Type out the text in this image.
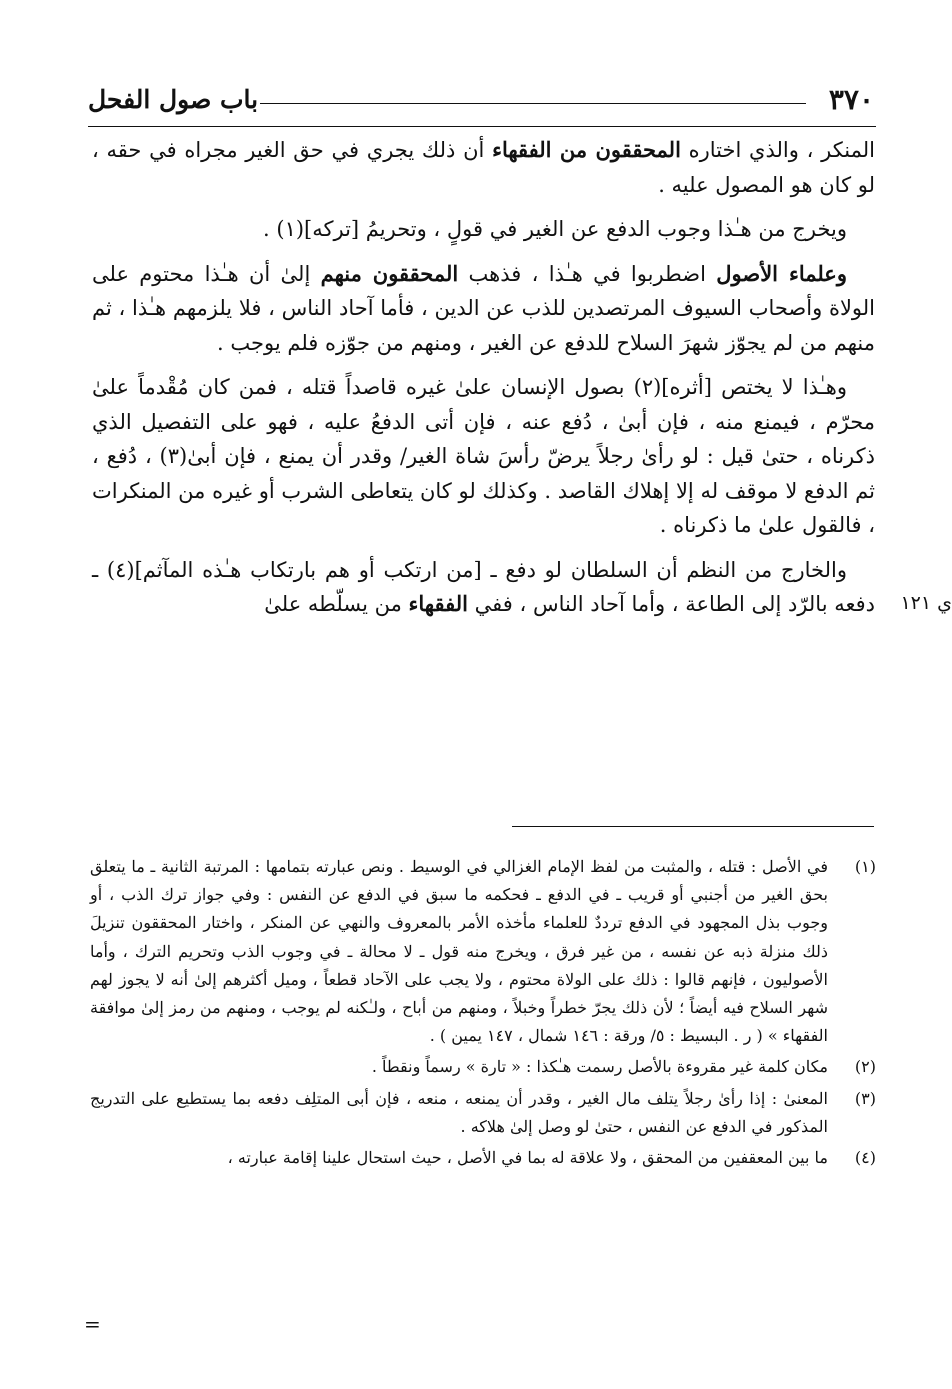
٣٧٠
باب صول الفحل

المنكر ، والذي اختاره المحققون من الفقهاء أن ذلك يجري في حق الغير مجراه في حقه ، لو كان هو المصول عليه .

ويخرج من هـٰذا وجوب الدفع عن الغير في قولٍ ، وتحريمُ [تركه](١) .

وعلماء الأصول اضطربوا في هـٰذا ، فذهب المحققون منهم إلىٰ أن هـٰذا محتوم على الولاة وأصحاب السيوف المرتصدين للذب عن الدين ، فأما آحاد الناس ، فلا يلزمهم هـٰذا ، ثم منهم من لم يجوّز شهرَ السلاح للدفع عن الغير ، ومنهم من جوّزه فلم يوجب .

وهـٰذا لا يختص [أثره](٢) بصول الإنسان علىٰ غيره قاصداً قتله ، فمن كان مُقْدماً علىٰ محرّم ، فيمنع منه ، فإن أبىٰ ، دُفع عنه ، فإن أتى الدفعُ عليه ، فهو على التفصيل الذي ذكرناه ، حتىٰ قيل : لو رأىٰ رجلاً يرضّ رأسَ شاة الغير/ وقدر أن يمنع ، فإن أبىٰ(٣) ، دُفع ، ثم الدفع لا موقف له إلا إهلاك القاصد . وكذلك لو كان يتعاطى الشرب أو غيره من المنكرات ، فالقول علىٰ ما ذكرناه .

والخارج من النظم أن السلطان لو دفع ـ [من ارتكب أو هم بارتكاب هـٰذه المآثم](٤) ـ دفعه بالرّد إلى الطاعة ، وأما آحاد الناس ، ففي الفقهاء من يسلّطه علىٰ	ي ١٢١
(١)
في الأصل : قتله ، والمثبت من لفظ الإمام الغزالي في الوسيط . ونص عبارته بتمامها : المرتبة الثانية ـ ما يتعلق بحق الغير من أجنبي أو قريب ـ في الدفع ـ فحكمه ما سبق في الدفع عن النفس : وفي جواز ترك الذب ، أو وجوب بذل المجهود في الدفع ترددٌ للعلماء مأخذه الأمر بالمعروف والنهي عن المنكر ، واختار المحققون تنزيلَ ذلك منزلة ذبه عن نفسه ، من غير فرق ، ويخرج منه قول ـ لا محالة ـ في وجوب الذب وتحريم الترك ، وأما الأصوليون ، فإنهم قالوا : ذلك على الولاة محتوم ، ولا يجب على الآحاد قطعاً ، وميل أكثرهم إلىٰ أنه لا يجوز لهم شهر السلاح فيه أيضاً ؛ لأن ذلك يجرّ خطراً وخبلاً ، ومنهم من أباح ، ولـٰكنه لم يوجب ، ومنهم من رمز إلىٰ موافقة الفقهاء » ( ر . البسيط : ٥/ ورقة : ١٤٦ شمال ، ١٤٧ يمين ) .
(٢)
مكان كلمة غير مقروءة بالأصل رسمت هـٰكذا : « تارة » رسماً ونقطاً .
(٣)
المعنىٰ : إذا رأىٰ رجلاً يتلف مال الغير ، وقدر أن يمنعه ، منعه ، فإن أبى المتلِف دفعه بما يستطيع على التدريج المذكور في الدفع عن النفس ، حتىٰ لو وصل إلىٰ هلاكه .
(٤)
ما بين المعقفين من المحقق ، ولا علاقة له بما في الأصل ، حيث استحال علينا إقامة عبارته ،
=
